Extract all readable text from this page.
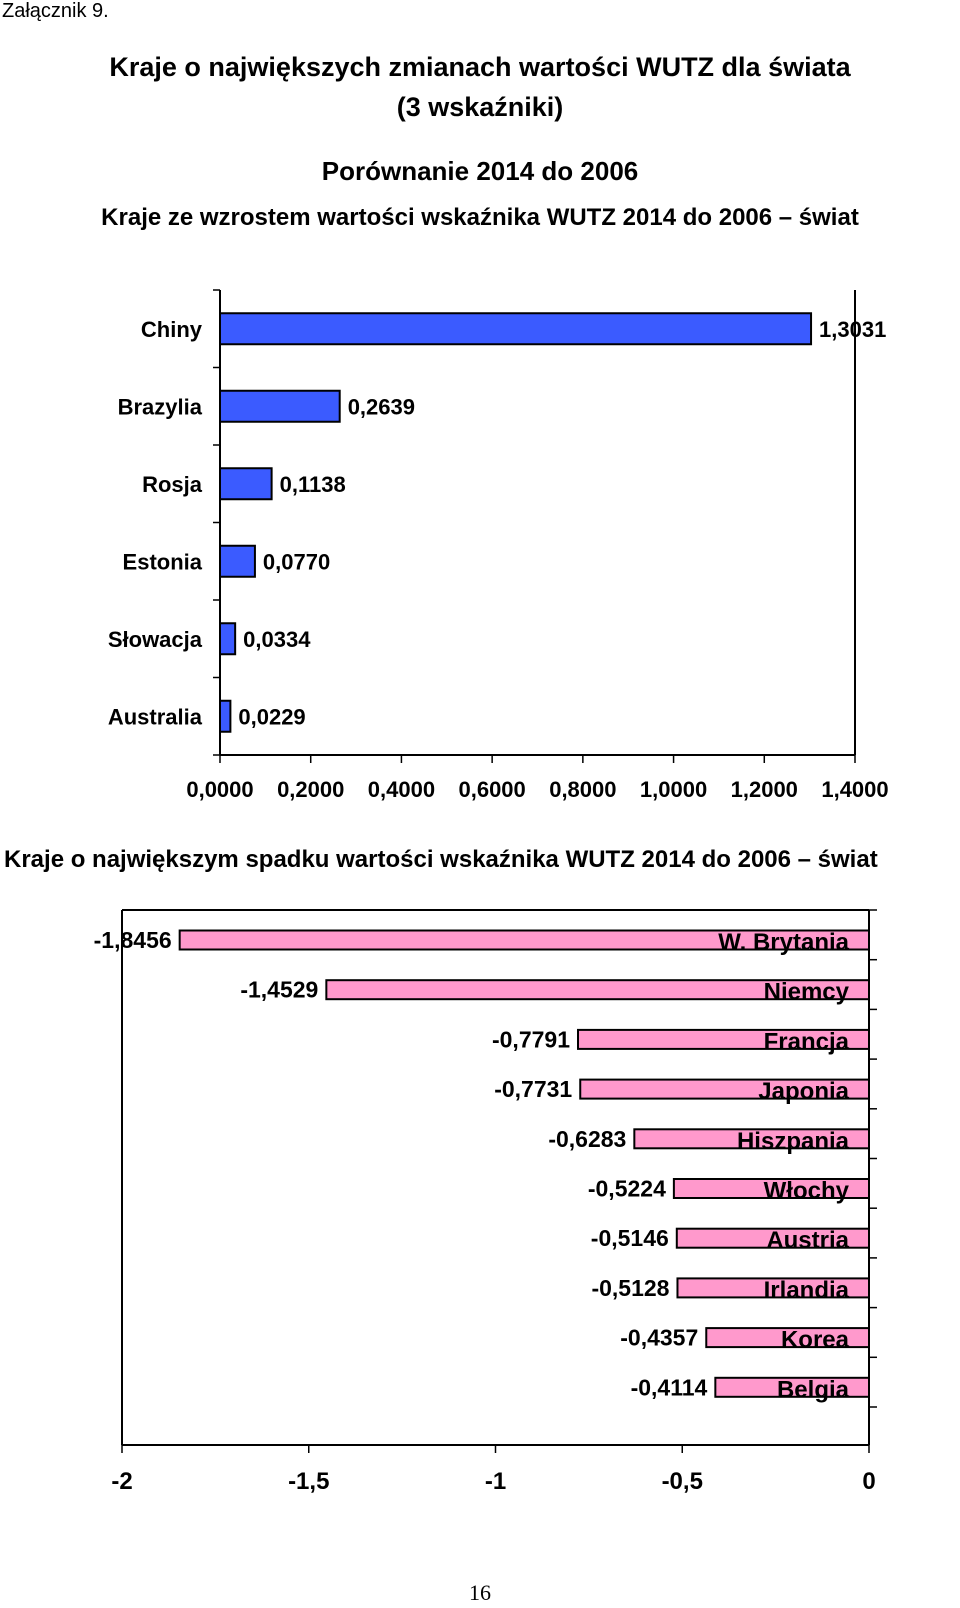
Załącznik 9.
Kraje o największych zmianach wartości WUTZ dla świata
(3 wskaźniki)
Porównanie 2014 do 2006
Kraje ze wzrostem wartości wskaźnika WUTZ 2014 do 2006 – świat
0,0000 0,2000 0,4000 0,6000 0,8000 1,0000 1,2000 1,4000
Chiny	1,3031
Brazylia	0,2639
Rosja	0,1138
Estonia	0,0770
Słowacja 0,0334
Australia 0,0229
Kraje o największym spadku wartości wskaźnika WUTZ 2014 do 2006 – świat
-2	-1,5	-1	-0,5	0
W. Brytania
-1,8456
Niemcy
-1,4529
Francja
-0,7791
Japonia
-0,7731
Hiszpania
-0,6283
Włochy
-0,5224
Austria
-0,5146
Irlandia
-0,5128
Korea
-0,4357
Belgia
-0,4114
16
